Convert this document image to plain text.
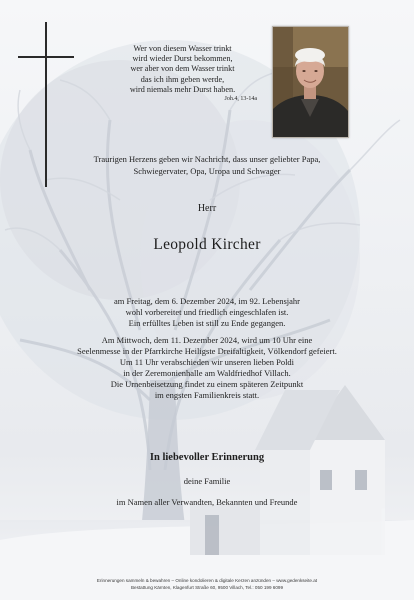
Wer von diesem Wasser trinkt
wird wieder Durst bekommen,
wer aber von dem Wasser trinkt
das ich ihm geben werde,
wird niemals mehr Durst haben.
Joh.4, 13-14a
Traurigen Herzens geben wir Nachricht, dass unser geliebter Papa,
Schwiegervater, Opa, Uropa und Schwager
Herr
Leopold Kircher
am Freitag, dem 6. Dezember 2024, im 92. Lebensjahr
wohl vorbereitet und friedlich eingeschlafen ist.
Ein erfülltes Leben ist still zu Ende gegangen.
Am Mittwoch, dem 11. Dezember 2024, wird um 10 Uhr eine
Seelenmesse in der Pfarrkirche Heiligste Dreifaltigkeit, Völkendorf gefeiert.
Um 11 Uhr verabschieden wir unseren lieben Poldi
in der Zeremonienhalle am Waldfriedhof Villach.
Die Urnenbeisetzung findet zu einem späteren Zeitpunkt
im engsten Familienkreis statt.
In liebevoller Erinnerung
deine Familie
im Namen aller Verwandten, Bekannten und Freunde
Erinnerungen sammeln & bewahren – Online kondolieren & digitale Kerzen anzünden – www.gedenkseite.at
Bestattung Kärnten, Klagenfurt Straße 60, 9500 Villach, Tel.: 050 199 6099
